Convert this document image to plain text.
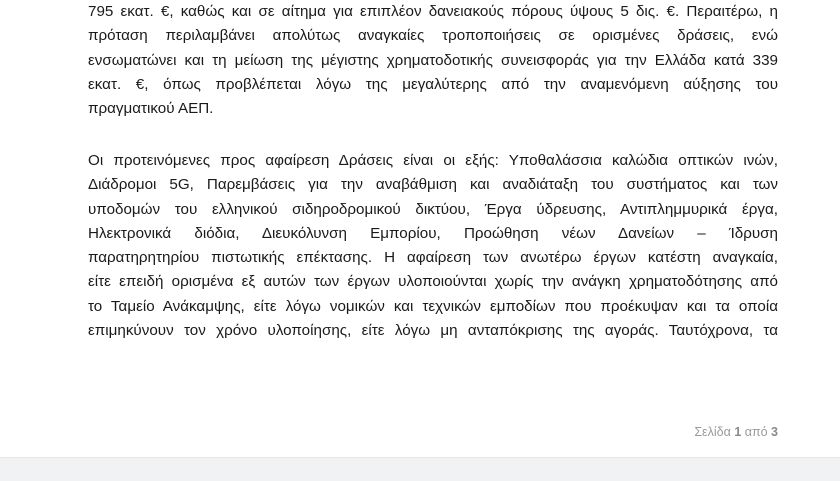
795 εκατ. €, καθώς και σε αίτημα για επιπλέον δανειακούς πόρους ύψους 5 δις. €. Περαιτέρω, η
πρόταση περιλαμβάνει απολύτως αναγκαίες τροποποιήσεις σε ορισμένες δράσεις, ενώ
ενσωματώνει και τη μείωση της μέγιστης χρηματοδοτικής συνεισφοράς για την Ελλάδα κατά 339
εκατ. €, όπως προβλέπεται λόγω της μεγαλύτερης από την αναμενόμενη αύξησης του
πραγματικού ΑΕΠ.

Οι προτεινόμενες προς αφαίρεση Δράσεις είναι οι εξής: Υποθαλάσσια καλώδια οπτικών ινών,
Διάδρομοι 5G, Παρεμβάσεις για την αναβάθμιση και αναδιάταξη του συστήματος και των
υποδομών του ελληνικού σιδηροδρομικού δικτύου, Έργα ύδρευσης, Αντιπλημμυρικά έργα,
Ηλεκτρονικά διόδια, Διευκόλυνση Εμπορίου, Προώθηση νέων Δανείων – Ίδρυση
παρατηρητηρίου πιστωτικής επέκτασης. Η αφαίρεση των ανωτέρω έργων κατέστη αναγκαία,
είτε επειδή ορισμένα εξ αυτών των έργων υλοποιούνται χωρίς την ανάγκη χρηματοδότησης από
το Ταμείο Ανάκαμψης, είτε λόγω νομικών και τεχνικών εμποδίων που προέκυψαν και τα οποία
επιμηκύνουν τον χρόνο υλοποίησης, είτε λόγω μη ανταπόκρισης της αγοράς. Ταυτόχρονα, τα

Σελίδα 1 από 3
